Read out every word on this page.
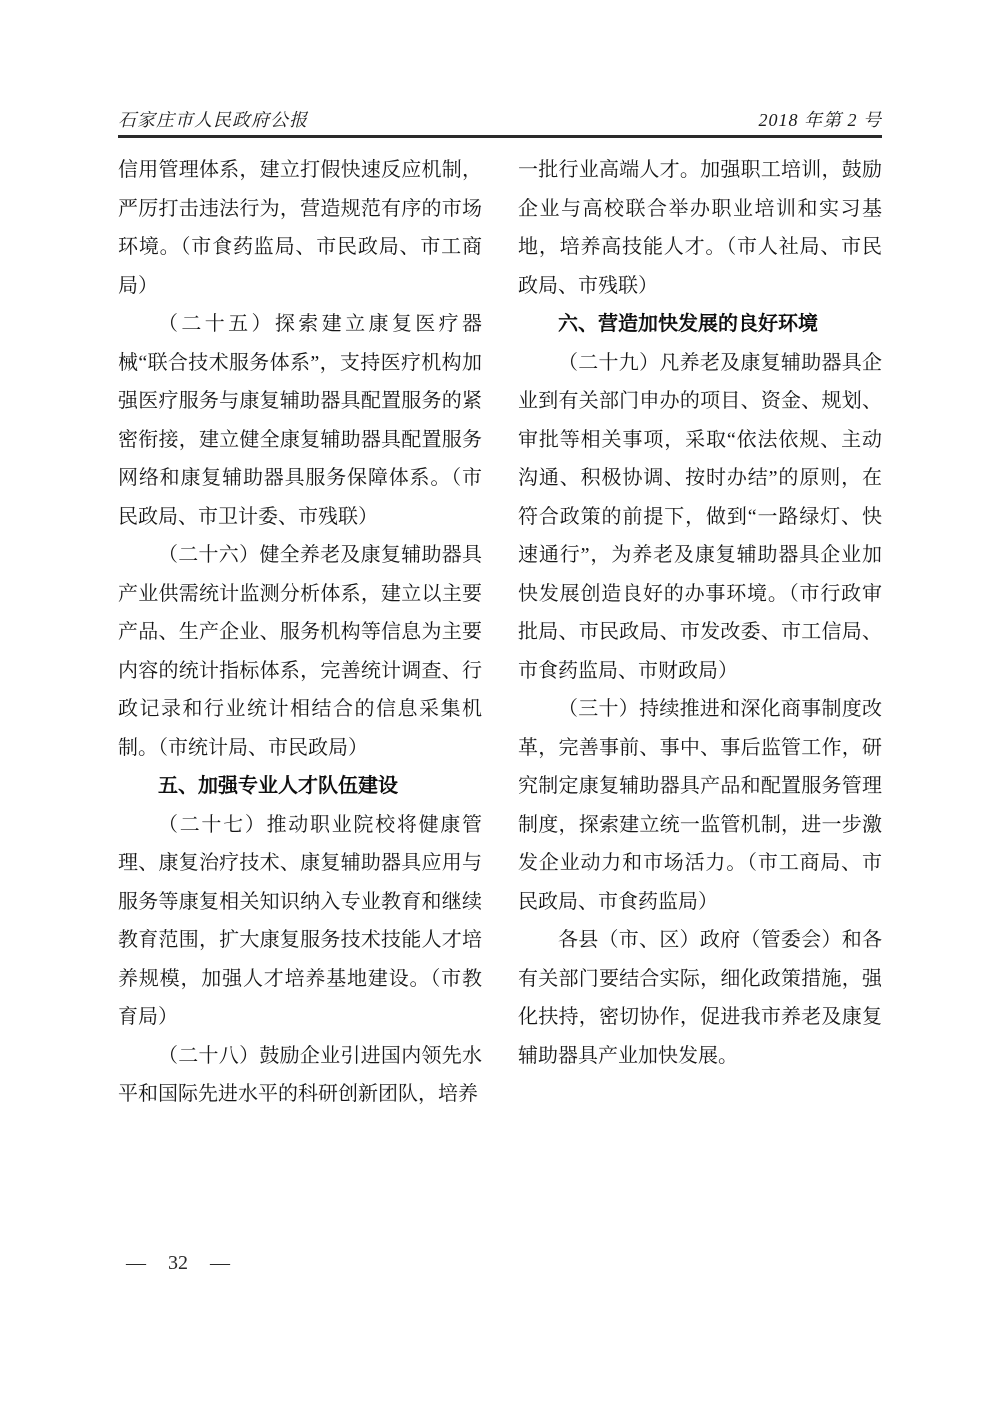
石家庄市人民政府公报	2018 年第 2 号

信用管理体系，建立打假快速反应机制，严厉打击违法行为，营造规范有序的市场环境。（市食药监局、市民政局、市工商局）

（二十五）探索建立康复医疗器械“联合技术服务体系”，支持医疗机构加强医疗服务与康复辅助器具配置服务的紧密衔接，建立健全康复辅助器具配置服务网络和康复辅助器具服务保障体系。（市民政局、市卫计委、市残联）

（二十六）健全养老及康复辅助器具产业供需统计监测分析体系，建立以主要产品、生产企业、服务机构等信息为主要内容的统计指标体系，完善统计调查、行政记录和行业统计相结合的信息采集机制。（市统计局、市民政局）

五、加强专业人才队伍建设

（二十七）推动职业院校将健康管理、康复治疗技术、康复辅助器具应用与服务等康复相关知识纳入专业教育和继续教育范围，扩大康复服务技术技能人才培养规模，加强人才培养基地建设。（市教育局）

（二十八）鼓励企业引进国内领先水平和国际先进水平的科研创新团队，培养

一批行业高端人才。加强职工培训，鼓励企业与高校联合举办职业培训和实习基地，培养高技能人才。（市人社局、市民政局、市残联）

六、营造加快发展的良好环境

（二十九）凡养老及康复辅助器具企业到有关部门申办的项目、资金、规划、审批等相关事项，采取“依法依规、主动沟通、积极协调、按时办结”的原则，在符合政策的前提下，做到“一路绿灯、快速通行”，为养老及康复辅助器具企业加快发展创造良好的办事环境。（市行政审批局、市民政局、市发改委、市工信局、市食药监局、市财政局）

（三十）持续推进和深化商事制度改革，完善事前、事中、事后监管工作，研究制定康复辅助器具产品和配置服务管理制度，探索建立统一监管机制，进一步激发企业动力和市场活力。（市工商局、市民政局、市食药监局）

各县（市、区）政府（管委会）和各有关部门要结合实际，细化政策措施，强化扶持，密切协作，促进我市养老及康复辅助器具产业加快发展。

— 32 —
